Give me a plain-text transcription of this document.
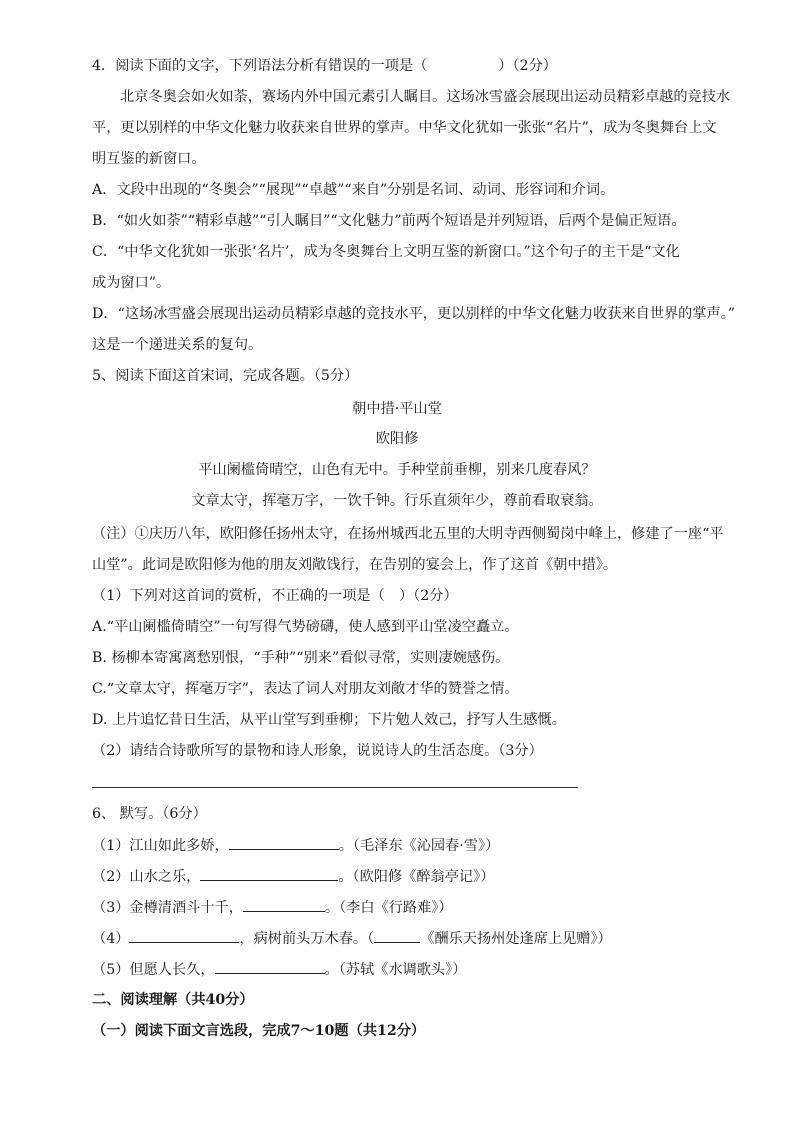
4．阅读下面的文字，下列语法分析有错误的一项是（　　　　　）（2分）
北京冬奥会如火如荼，赛场内外中国元素引人瞩目。这场冰雪盛会展现出运动员精彩卓越的竞技水
平，更以别样的中华文化魅力收获来自世界的掌声。中华文化犹如一张张“名片”，成为冬奥舞台上文
明互鉴的新窗口。
A．文段中出现的“冬奥会”“展现”“卓越”“来自”分别是名词、动词、形容词和介词。
B．“如火如荼”“精彩卓越”“引人瞩目”“文化魅力”前两个短语是并列短语，后两个是偏正短语。
C．“中华文化犹如一张张‘名片’，成为冬奥舞台上文明互鉴的新窗口。”这个句子的主干是“文化
成为窗口”。
D．“这场冰雪盛会展现出运动员精彩卓越的竞技水平，更以别样的中华文化魅力收获来自世界的掌声。”
这是一个递进关系的复句。
5、阅读下面这首宋词，完成各题。（5分）
朝中措·平山堂
欧阳修
平山阑槛倚晴空，山色有无中。手种堂前垂柳，别来几度春风？
文章太守，挥毫万字，一饮千钟。行乐直须年少，尊前看取衰翁。
（注）①庆历八年，欧阳修任扬州太守，在扬州城西北五里的大明寺西侧蜀岗中峰上，修建了一座“平
山堂”。此词是欧阳修为他的朋友刘敞饯行，在告别的宴会上，作了这首《朝中措》。
（1）下列对这首词的赏析，不正确的一项是（　）（2分）
A.“平山阑槛倚晴空”一句写得气势磅礴，使人感到平山堂凌空矗立。
B. 杨柳本寄寓离愁别恨，“手种”“别来”看似寻常，实则凄婉感伤。
C.“文章太守，挥毫万字”，表达了词人对朋友刘敞才华的赞誉之情。
D. 上片追忆昔日生活，从平山堂写到垂柳；下片勉人效己，抒写人生感慨。
（2）请结合诗歌所写的景物和诗人形象，说说诗人的生活态度。（3分）
6、 默写。（6分）
（1）江山如此多娇，	。（毛泽东《沁园春·雪》）
（2）山水之乐，	。（欧阳修《醉翁亭记》）
（3）金樽清酒斗十千，	。（李白《行路难》）
（4）	，病树前头万木春。（	《酬乐天扬州处逢席上见赠》）
（5）但愿人长久，	。（苏轼《水调歌头》）
二、阅读理解（共40分）
（一）阅读下面文言选段，完成7～10题（共12分）
